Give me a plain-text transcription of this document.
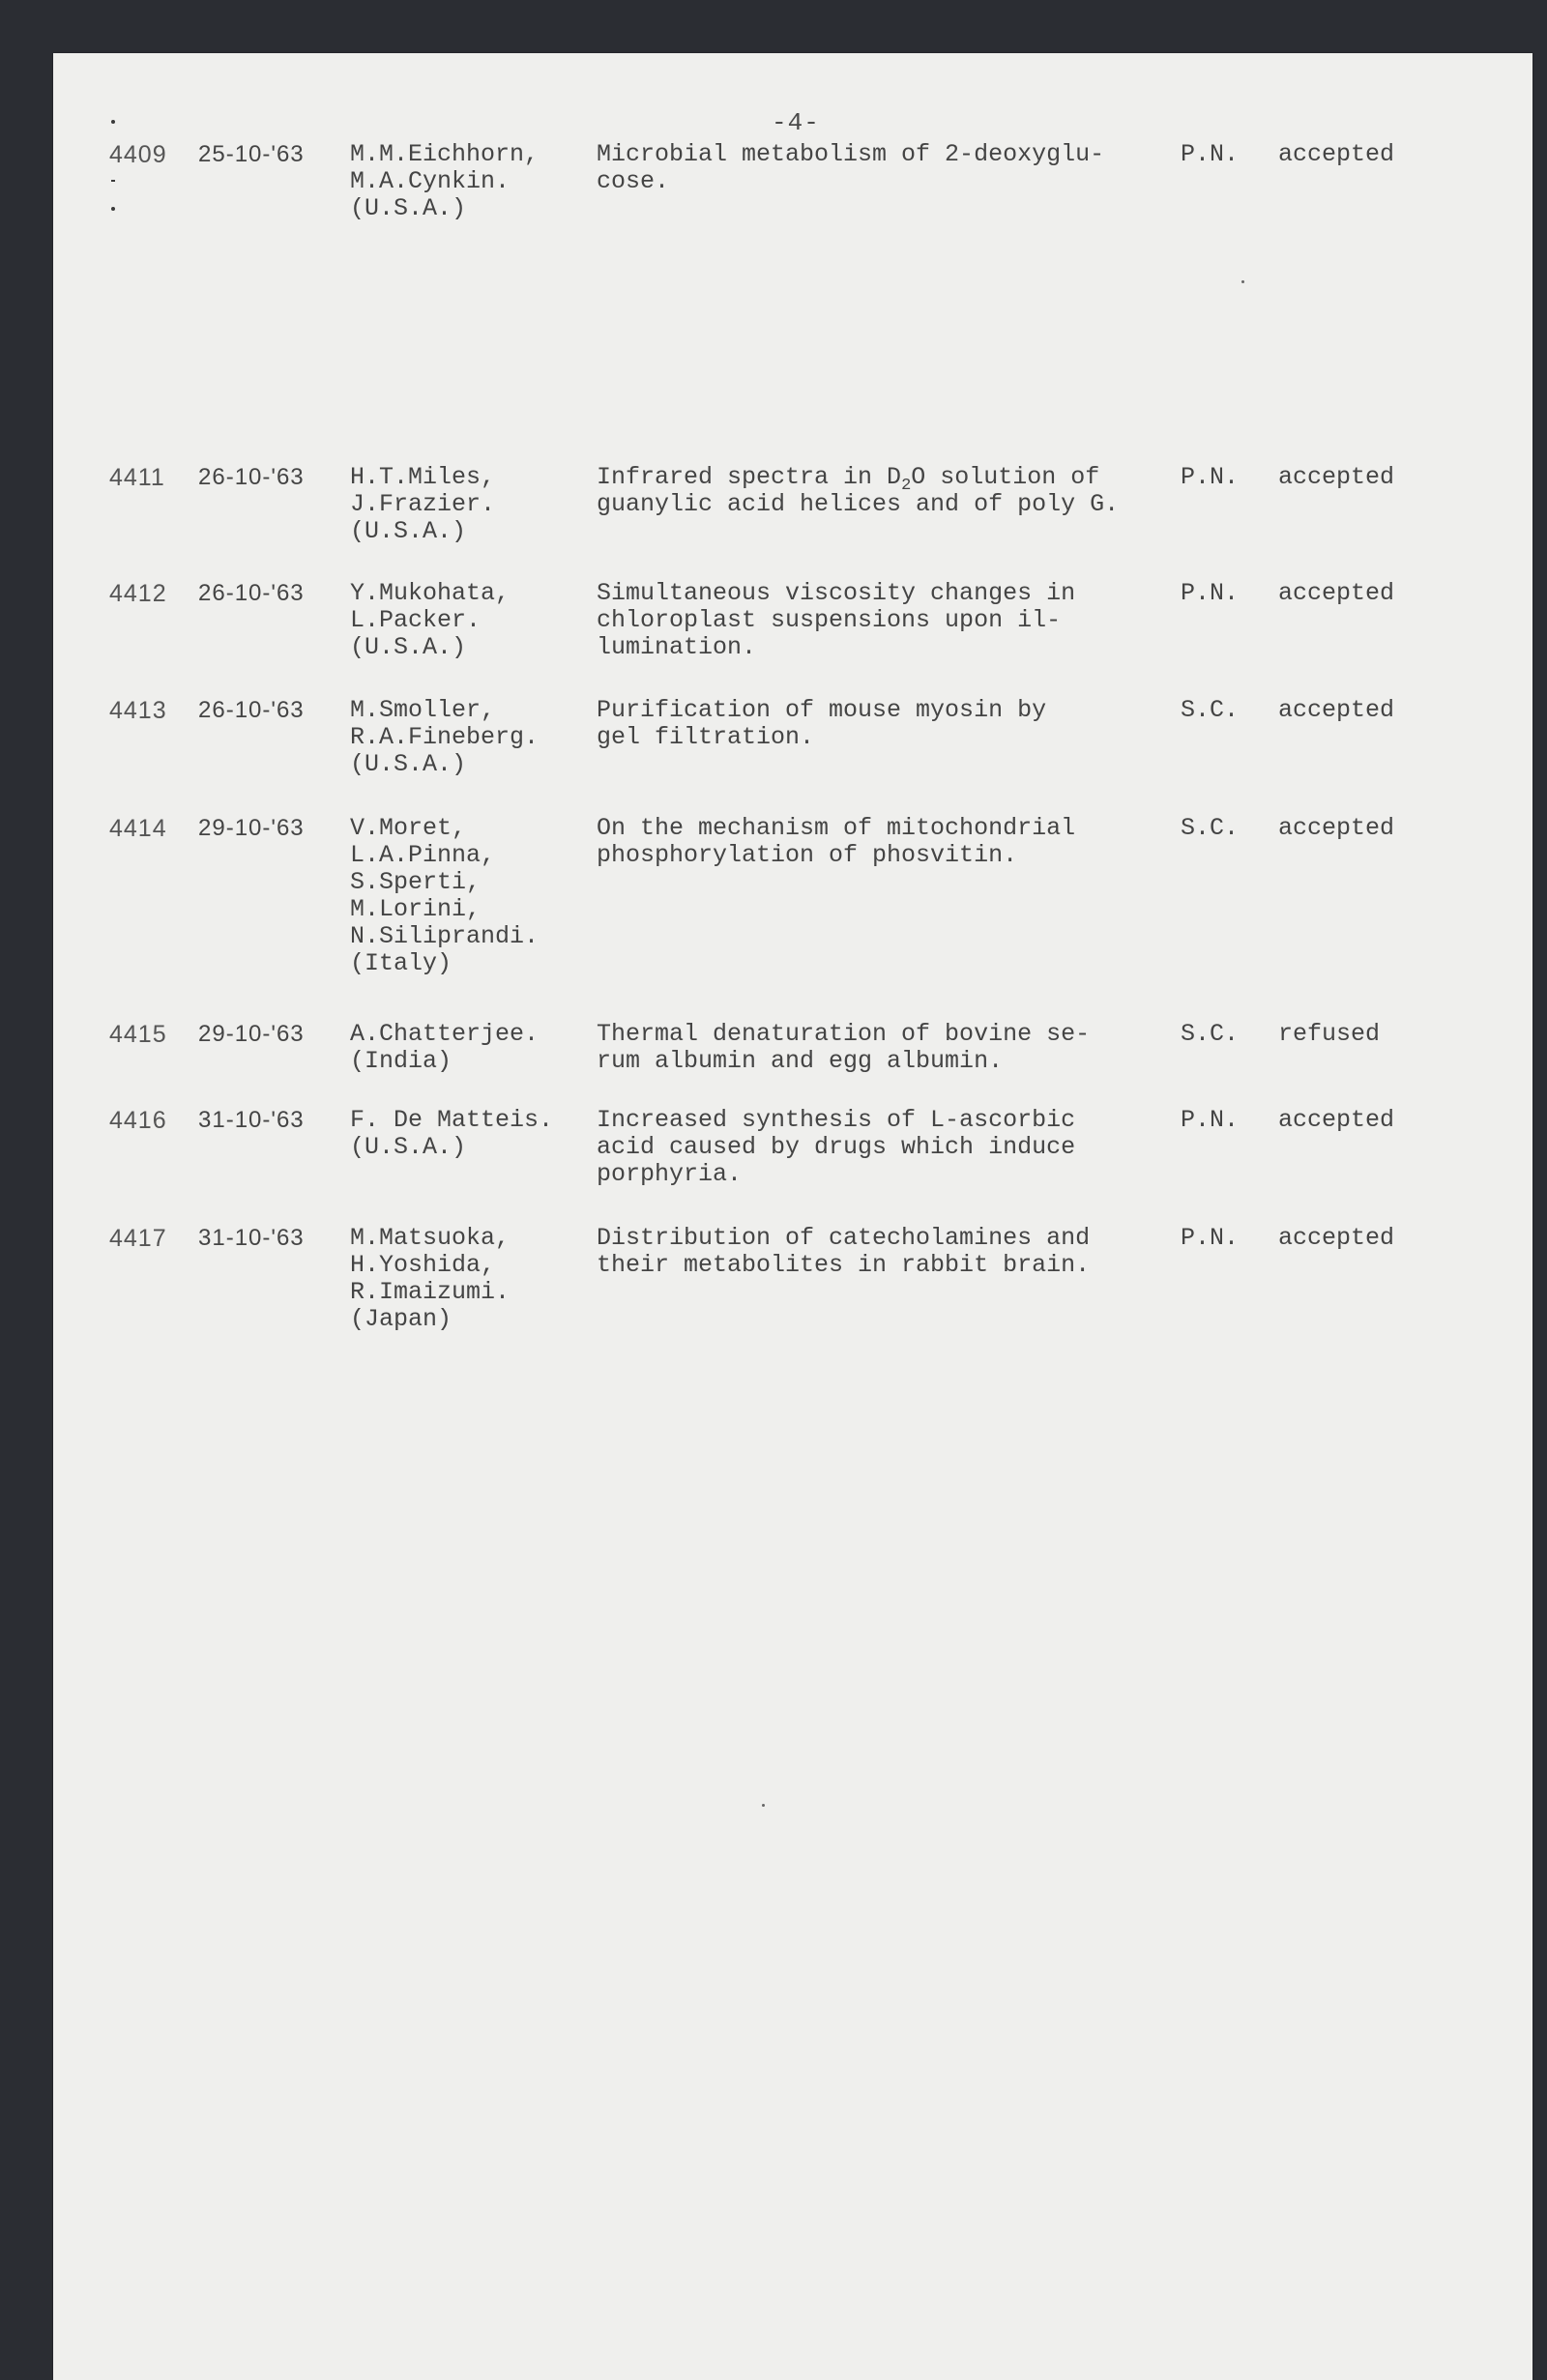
-4-
4409 25-10-'63 M.M.Eichhorn,
M.A.Cynkin.
(U.S.A.)
Microbial metabolism of 2-deoxyglu-
cose.
P.N. accepted
4411 26-10-'63 H.T.Miles,
J.Frazier.
(U.S.A.)
Infrared spectra in $D_2O$ solution of
guanylic acid helices and of poly G.
P.N. accepted
4412 26-10-'63 Y.Mukohata,
L.Packer.
(U.S.A.)
Simultaneous viscosity changes in
chloroplast suspensions upon il-
lumination.
P.N. accepted
4413 26-10-'63 M.Smoller,
R.A.Fineberg.
(U.S.A.)
Purification of mouse myosin by
gel filtration.
S.C. accepted
4414 29-10-'63 V.Moret,
L.A.Pinna,
S.Sperti,
M.Lorini,
N.Siliprandi.
(Italy)
On the mechanism of mitochondrial
phosphorylation of phosvitin.
S.C. accepted
4415 29-10-'63 A.Chatterjee.
(India)
Thermal denaturation of bovine se-
rum albumin and egg albumin.
S.C. refused
4416 31-10-'63 F. De Matteis.
(U.S.A.)
Increased synthesis of L-ascorbic
acid caused by drugs which induce
porphyria.
P.N. accepted
4417 31-10-'63 M.Matsuoka,
H.Yoshida,
R.Imaizumi.
(Japan)
Distribution of catecholamines and
their metabolites in rabbit brain.
P.N. accepted
